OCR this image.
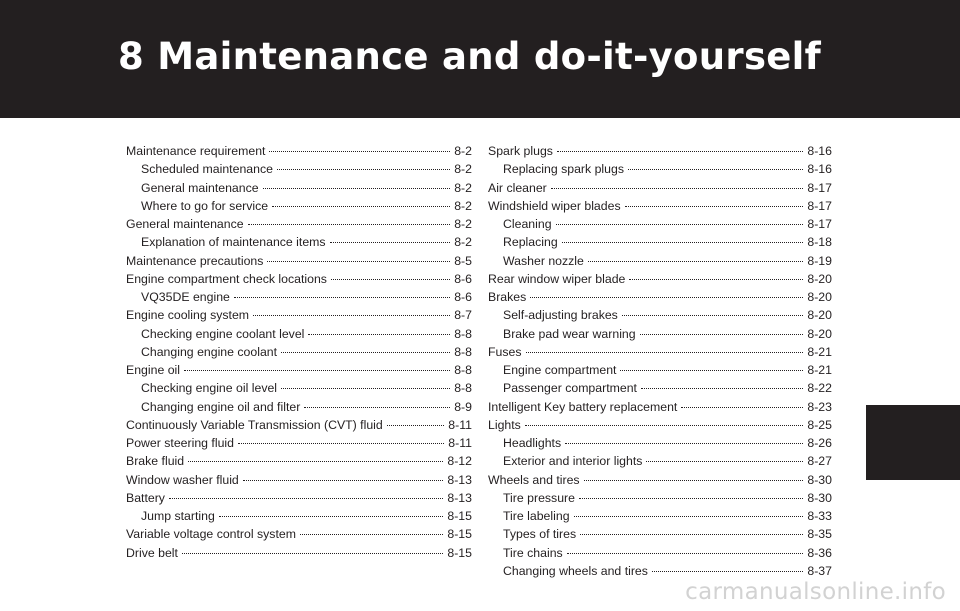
8 Maintenance and do-it-yourself
Maintenance requirement	8-2
Scheduled maintenance	8-2
General maintenance	8-2
Where to go for service	8-2
General maintenance	8-2
Explanation of maintenance items	8-2
Maintenance precautions	8-5
Engine compartment check locations	8-6
VQ35DE engine	8-6
Engine cooling system	8-7
Checking engine coolant level	8-8
Changing engine coolant	8-8
Engine oil	8-8
Checking engine oil level	8-8
Changing engine oil and filter	8-9
Continuously Variable Transmission (CVT) fluid	8-11
Power steering fluid	8-11
Brake fluid	8-12
Window washer fluid	8-13
Battery	8-13
Jump starting	8-15
Variable voltage control system	8-15
Drive belt	8-15
Spark plugs	8-16
Replacing spark plugs	8-16
Air cleaner	8-17
Windshield wiper blades	8-17
Cleaning	8-17
Replacing	8-18
Washer nozzle	8-19
Rear window wiper blade	8-20
Brakes	8-20
Self-adjusting brakes	8-20
Brake pad wear warning	8-20
Fuses	8-21
Engine compartment	8-21
Passenger compartment	8-22
Intelligent Key battery replacement	8-23
Lights	8-25
Headlights	8-26
Exterior and interior lights	8-27
Wheels and tires	8-30
Tire pressure	8-30
Tire labeling	8-33
Types of tires	8-35
Tire chains	8-36
Changing wheels and tires	8-37
carmanualsonline.info
